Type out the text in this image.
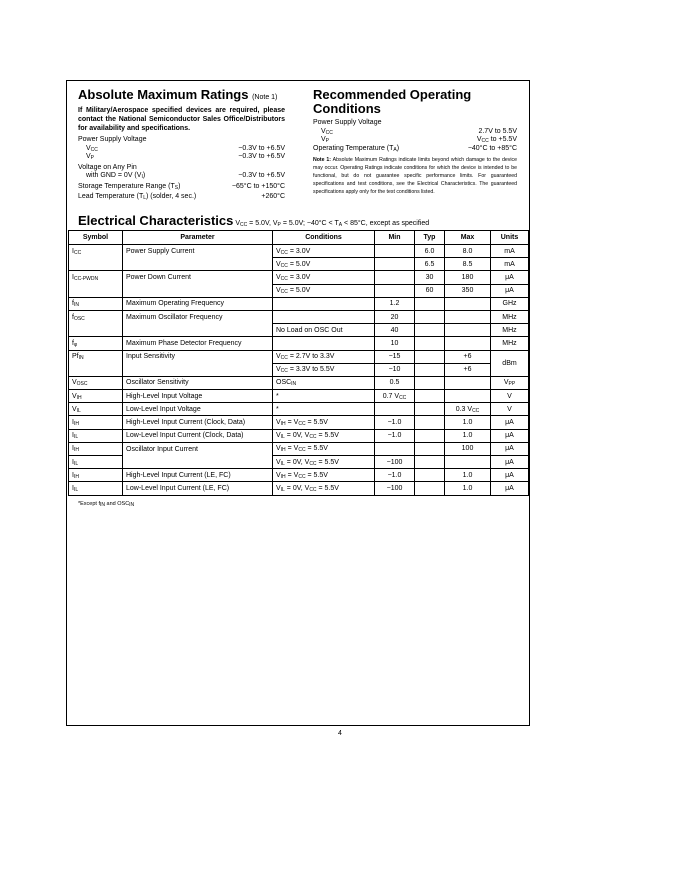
Absolute Maximum Ratings (Note 1)

If Military/Aerospace specified devices are required, please contact the National Semiconductor Sales Office/Distributors for availability and specifications.
Power Supply Voltage
$V_{CC}$	−0.3V to +6.5V
$V_P$	−0.3V to +6.5V
Voltage on Any Pin
with GND = 0V $(V_I)$	−0.3V to +6.5V
Storage Temperature Range $(T_S)$	−65°C to +150°C
Lead Temperature $(T_L)$ (solder, 4 sec.)	+260°C

Recommended Operating
Conditions

Power Supply Voltage
$V_{CC}$	2.7V to 5.5V
$V_P$	$V_{CC}$ to +5.5V
Operating Temperature $(T_A)$	−40°C to +85°C
Note 1: Absolute Maximum Ratings indicate limits beyond which damage to the device may occur. Operating Ratings indicate conditions for which the device is intended to be functional, but do not guarantee specific performance limits. For guaranteed specifications and test conditions, see the Electrical Characteristics. The guaranteed specifications apply only for the test conditions listed.
Electrical Characteristics $V_{CC} = 5.0V$, $V_P = 5.0V$; $-40^\circ C < T_A < 85^\circ C$, except as specified
Symbol	Parameter	Conditions	Min	Typ	Max	Units
$I_{CC}$	Power Supply Current	$V_{CC} = 3.0V$		6.0	8.0	mA
		$V_{CC} = 5.0V$		6.5	8.5	mA
$I_{CC-PWDN}$	Power Down Current	$V_{CC} = 3.0V$		30	180	μA
		$V_{CC} = 5.0V$		60	350	μA
$f_{IN}$	Maximum Operating Frequency		1.2			GHz
$f_{OSC}$	Maximum Oscillator Frequency		20			MHz
		No Load on OSC Out	40			MHz
$f_\varphi$	Maximum Phase Detector Frequency		10			MHz
$Pf_{IN}$	Input Sensitivity	$V_{CC} = 2.7V$ to 3.3V	−15		+6	dBm
		$V_{CC} = 3.3V$ to 5.5V	−10		+6	
$V_{OSC}$	Oscillator Sensitivity	$OSC_{IN}$	0.5			$V_{PP}$
$V_{IH}$	High-Level Input Voltage	*	0.7 $V_{CC}$			V
$V_{IL}$	Low-Level Input Voltage	*			0.3 $V_{CC}$	V
$I_{IH}$	High-Level Input Current (Clock, Data)	$V_{IH} = V_{CC} = 5.5V$	−1.0		1.0	μA
$I_{IL}$	Low-Level Input Current (Clock, Data)	$V_{IL} = 0V$, $V_{CC} = 5.5V$	−1.0		1.0	μA
$I_{IH}$	Oscillator Input Current	$V_{IH} = V_{CC} = 5.5V$			100	μA
$I_{IL}$		$V_{IL} = 0V$, $V_{CC} = 5.5V$	−100			μA
$I_{IH}$	High-Level Input Current (LE, FC)	$V_{IH} = V_{CC} = 5.5V$	−1.0		1.0	μA
$I_{IL}$	Low-Level Input Current (LE, FC)	$V_{IL} = 0V$, $V_{CC} = 5.5V$	−100		1.0	μA
*Except $f_{IN}$ and $OSC_{IN}$
4
